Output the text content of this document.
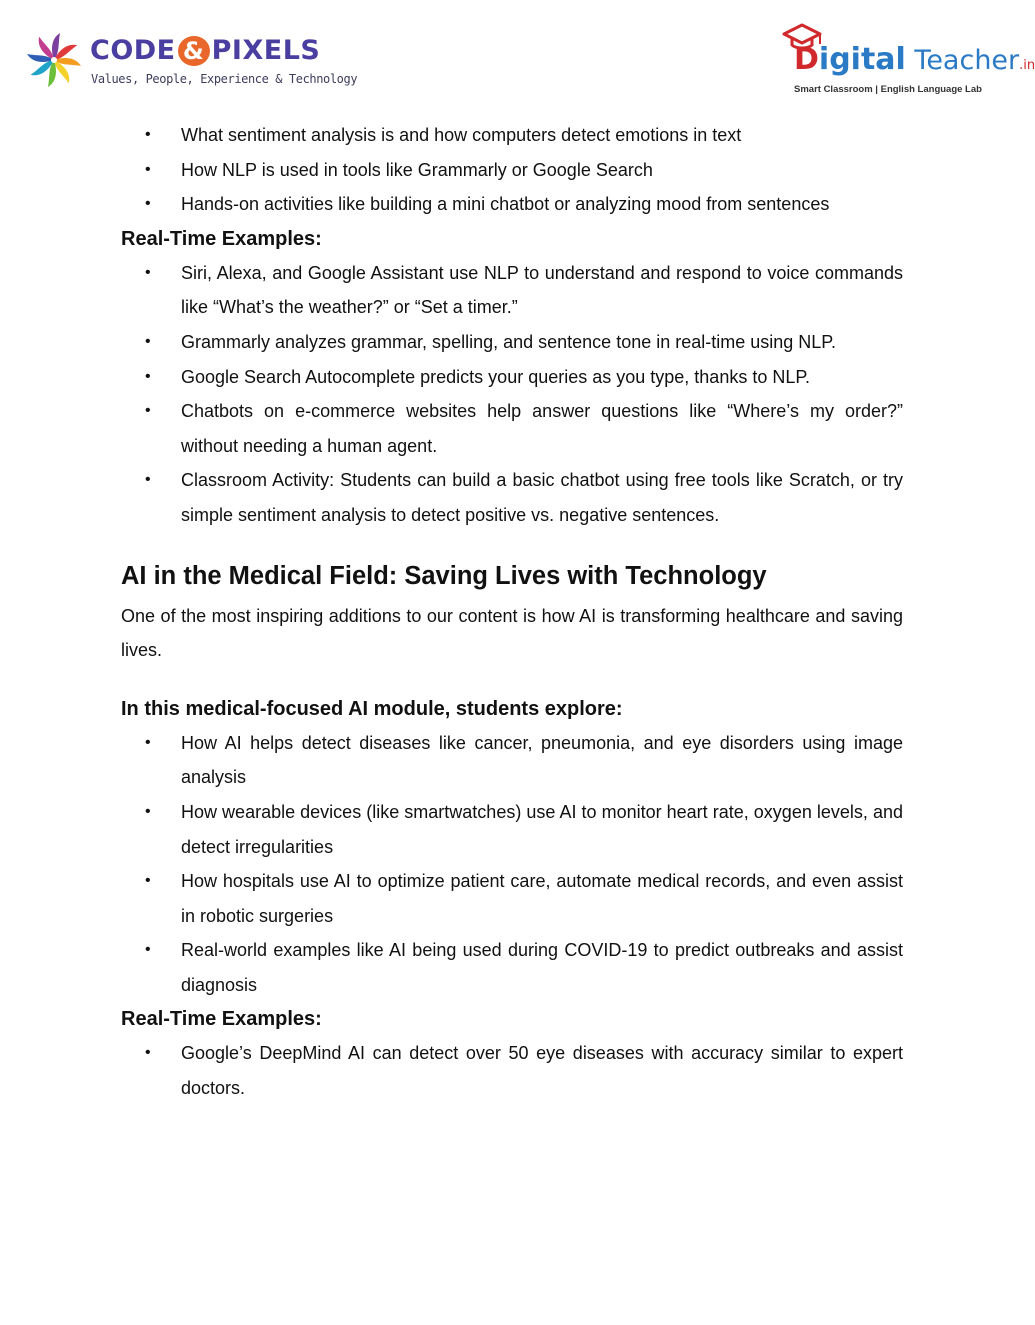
CODE & PIXELS
Values, People, Experience & Technology
Digital Teacher.in
Smart Classroom | English Language Lab
• What sentiment analysis is and how computers detect emotions in text
• How NLP is used in tools like Grammarly or Google Search
• Hands-on activities like building a mini chatbot or analyzing mood from sentences
Real-Time Examples:
• Siri, Alexa, and Google Assistant use NLP to understand and respond to voice commands like “What’s the weather?” or “Set a timer.”
• Grammarly analyzes grammar, spelling, and sentence tone in real-time using NLP.
• Google Search Autocomplete predicts your queries as you type, thanks to NLP.
• Chatbots on e-commerce websites help answer questions like “Where’s my order?” without needing a human agent.
• Classroom Activity: Students can build a basic chatbot using free tools like Scratch, or try simple sentiment analysis to detect positive vs. negative sentences.
AI in the Medical Field: Saving Lives with Technology

One of the most inspiring additions to our content is how AI is transforming healthcare and saving lives.

In this medical-focused AI module, students explore:
• How AI helps detect diseases like cancer, pneumonia, and eye disorders using image analysis
• How wearable devices (like smartwatches) use AI to monitor heart rate, oxygen levels, and detect irregularities
• How hospitals use AI to optimize patient care, automate medical records, and even assist in robotic surgeries
• Real-world examples like AI being used during COVID-19 to predict outbreaks and assist diagnosis
Real-Time Examples:
• Google’s DeepMind AI can detect over 50 eye diseases with accuracy similar to expert doctors.
